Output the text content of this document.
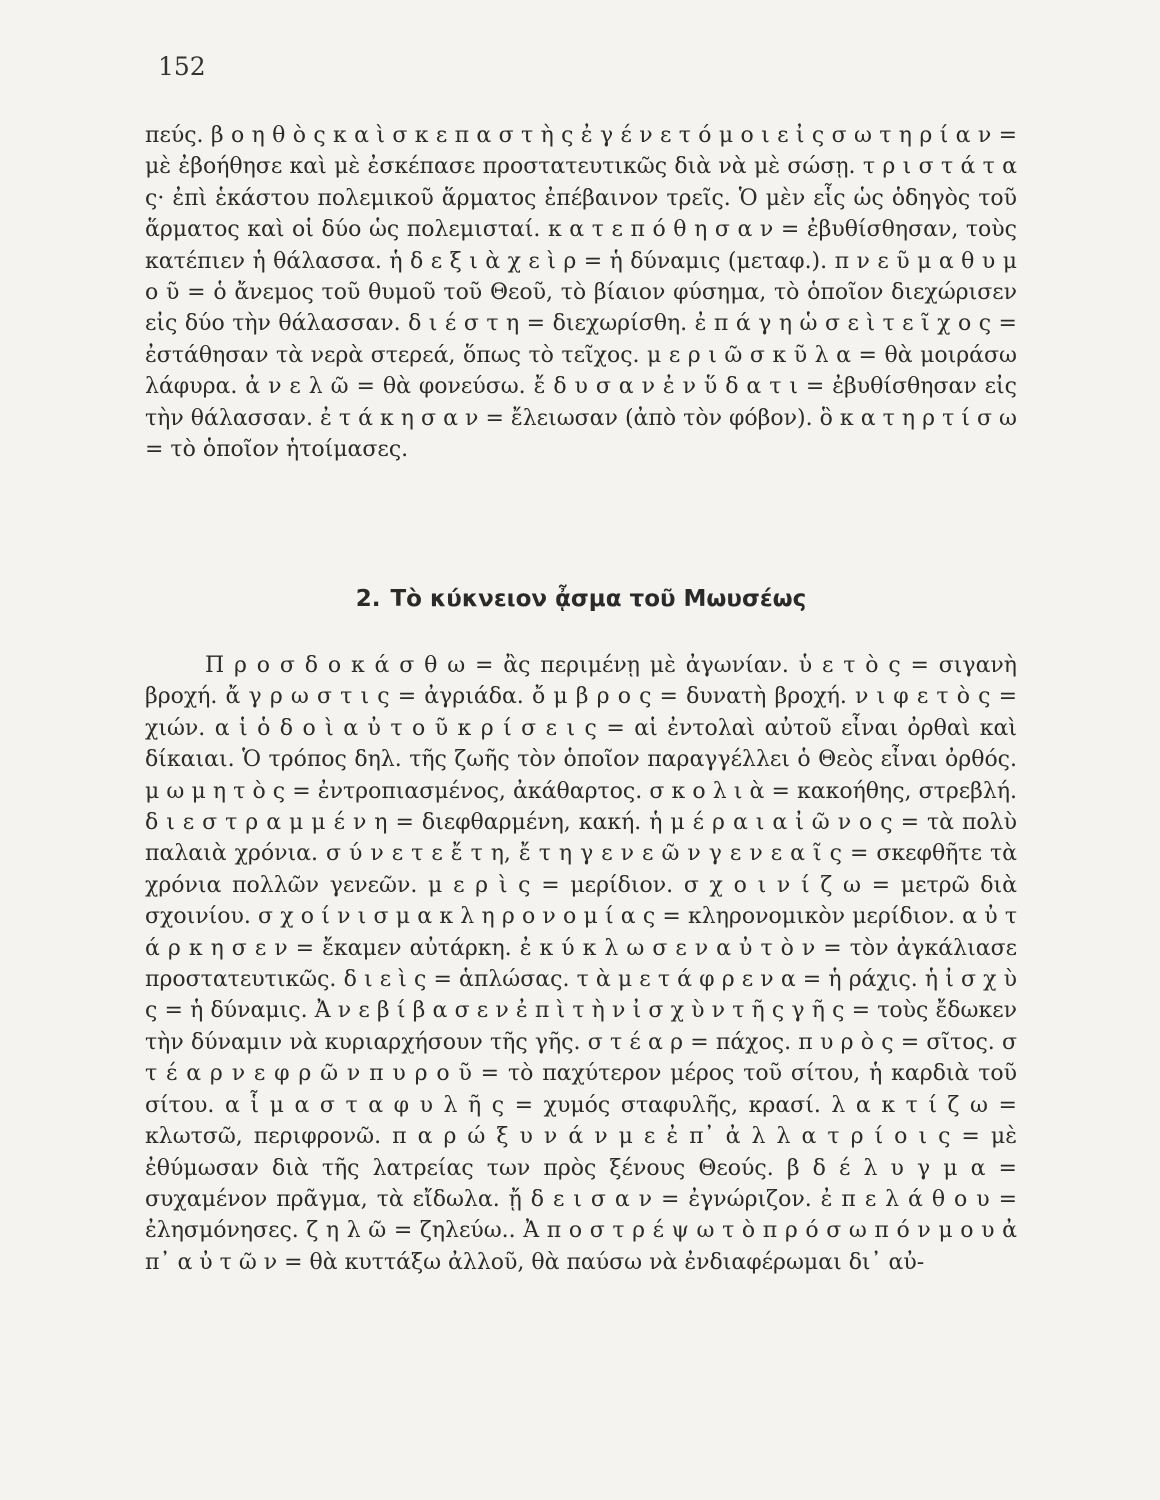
152

πεύς. β ο η θ ὸ ς κ α ὶ σ κ ε π α σ τ ὴ ς ἐ γ έ ν ε τ ό μ ο ι ε ἰ ς σ ω τ η ρ ί α ν = μὲ ἐβοήθησε καὶ μὲ ἐσκέπασε προστατευτικῶς διὰ νὰ μὲ σώσῃ. τ ρ ι σ τ ά τ α ς· ἐπὶ ἑκάστου πολεμικοῦ ἅρματος ἐπέβαινον τρεῖς. Ὁ μὲν εἷς ὡς ὁδηγὸς τοῦ ἅρματος καὶ οἱ δύο ὡς πολεμισταί. κ α τ ε π ό θ η σ α ν = ἐβυθίσθησαν, τοὺς κατέπιεν ἡ θάλασσα. ἡ δ ε ξ ι ὰ χ ε ὶ ρ = ἡ δύναμις (μεταφ.). π ν ε ῦ μ α θ υ μ ο ῦ = ὁ ἄνεμος τοῦ θυμοῦ τοῦ Θεοῦ, τὸ βίαιον φύσημα, τὸ ὁποῖον διεχώρισεν εἰς δύο τὴν θάλασσαν. δ ι έ σ τ η = διεχωρίσθη. ἐ π ά γ η ὡ σ ε ὶ τ ε ῖ χ ο ς = ἐστάθησαν τὰ νερὰ στερεά, ὅπως τὸ τεῖχος. μ ε ρ ι ῶ σ κ ῦ λ α = θὰ μοιράσω λάφυρα. ἀ ν ε λ ῶ = θὰ φονεύσω. ἔ δ υ σ α ν ἐ ν ὕ δ α τ ι = ἐβυθίσθησαν εἰς τὴν θάλασσαν. ἐ τ ά κ η σ α ν = ἔλειωσαν (ἀπὸ τὸν φόβον). ὃ κ α τ η ρ τ ί σ ω = τὸ ὁποῖον ἡτοίμασες.

2. Τὸ κύκνειον ᾆσμα τοῦ Μωυσέως

Π ρ ο σ δ ο κ ά σ θ ω = ἂς περιμένῃ μὲ ἀγωνίαν. ὑ ε τ ὸ ς = σιγανὴ βροχή. ἄ γ ρ ω σ τ ι ς = ἀγριάδα. ὄ μ β ρ ο ς = δυνατὴ βροχή. ν ι φ ε τ ὸ ς = χιών. α ἱ ὁ δ ο ὶ α ὐ τ ο ῦ κ ρ ί σ ε ι ς = αἱ ἐντολαὶ αὐτοῦ εἶναι ὀρθαὶ καὶ δίκαιαι. Ὁ τρόπος δηλ. τῆς ζωῆς τὸν ὁποῖον παραγγέλλει ὁ Θεὸς εἶναι ὀρθός. μ ω μ η τ ὸ ς = ἐντροπιασμένος, ἀκάθαρτος. σ κ ο λ ι ὰ = κακοήθης, στρεβλή. δ ι ε σ τ ρ α μ μ έ ν η = διεφθαρμένη, κακή. ἡ μ έ ρ α ι α ἰ ῶ ν ο ς = τὰ πολὺ παλαιὰ χρόνια. σ ύ ν ε τ ε ἔ τ η, ἔ τ η γ ε ν ε ῶ ν γ ε ν ε α ῖ ς = σκεφθῆτε τὰ χρόνια πολλῶν γενεῶν. μ ε ρ ὶ ς = μερίδιον. σ χ ο ι ν ί ζ ω = μετρῶ διὰ σχοινίου. σ χ ο ί ν ι σ μ α κ λ η ρ ο ν ο μ ί α ς = κληρονομικὸν μερίδιον. α ὐ τ ά ρ κ η σ ε ν = ἔκαμεν αὐτάρκη. ἐ κ ύ κ λ ω σ ε ν α ὐ τ ὸ ν = τὸν ἀγκάλιασε προστατευτικῶς. δ ι ε ὶ ς = ἁπλώσας. τ ὰ μ ε τ ά φ ρ ε ν α = ἡ ράχις. ἡ ἰ σ χ ὺ ς = ἡ δύναμις. Ἀ ν ε β ί β α σ ε ν ἐ π ὶ τ ὴ ν ἰ σ χ ὺ ν τ ῆ ς γ ῆ ς = τοὺς ἔδωκεν τὴν δύναμιν νὰ κυριαρχήσουν τῆς γῆς. σ τ έ α ρ = πάχος. π υ ρ ὸ ς = σῖτος. σ τ έ α ρ ν ε φ ρ ῶ ν π υ ρ ο ῦ = τὸ παχύτερον μέρος τοῦ σίτου, ἡ καρδιὰ τοῦ σίτου. α ἷ μ α σ τ α φ υ λ ῆ ς = χυμός σταφυλῆς, κρασί. λ α κ τ ί ζ ω = κλωτσῶ, περιφρονῶ. π α ρ ώ ξ υ ν ά ν μ ε ἐ π᾽ ἀ λ λ α τ ρ ί ο ι ς = μὲ ἐθύμωσαν διὰ τῆς λατρείας των πρὸς ξένους Θεούς. β δ έ λ υ γ μ α = συχαμένον πρᾶγμα, τὰ εἴδωλα. ᾔ δ ε ι σ α ν = ἐγνώριζον. ἐ π ε λ ά θ ο υ = ἐλησμόνησες. ζ η λ ῶ = ζηλεύω.. Ἀ π ο σ τ ρ έ ψ ω τ ὸ π ρ ό σ ω π ό ν μ ο υ ἀ π᾽ α ὐ τ ῶ ν = θὰ κυττάξω ἀλλοῦ, θὰ παύσω νὰ ἐνδιαφέρωμαι δι᾽ αὐ-
